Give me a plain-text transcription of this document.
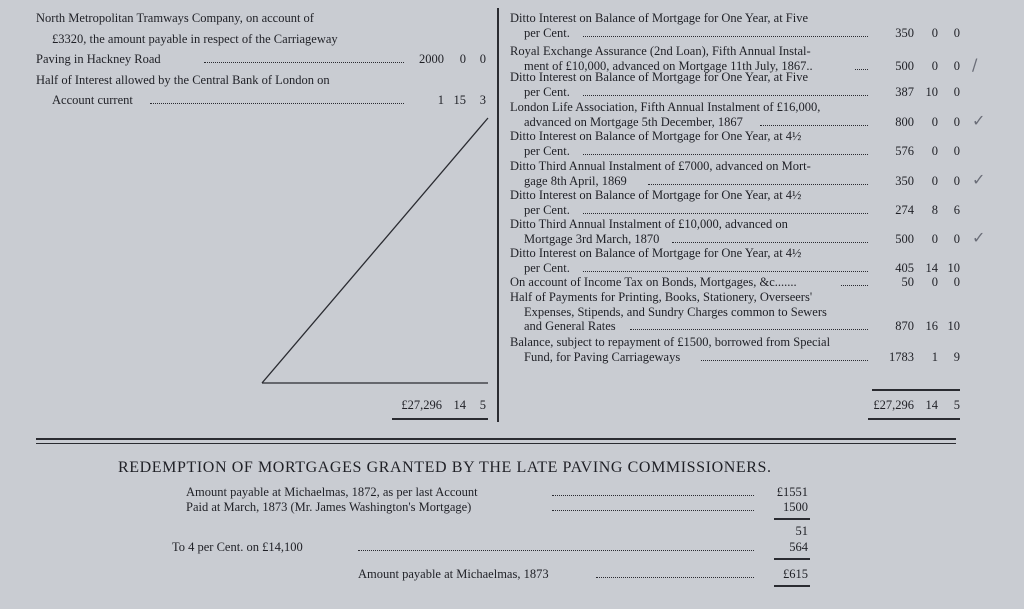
North Metropolitan Tramways Company, on account of
£3320, the amount payable in respect of the Carriageway
Paving in Hackney Road	2000	0	0
Half of Interest allowed by the Central Bank of London on
Account current	1 15	3
£27,296 14	5
Ditto Interest on Balance of Mortgage for One Year, at Five
per Cent.	350	0	0
Royal Exchange Assurance (2nd Loan), Fifth Annual Instal-
ment of £10,000, advanced on Mortgage 11th July, 1867..	500	0	0 /
Ditto Interest on Balance of Mortgage for One Year, at Five
per Cent.	387 10	0
London Life Association, Fifth Annual Instalment of £16,000,
advanced on Mortgage 5th December, 1867	800	0	0 ✓
Ditto Interest on Balance of Mortgage for One Year, at 4½
per Cent.	576	0	0
Ditto Third Annual Instalment of £7000, advanced on Mort-
gage 8th April, 1869	350	0	0 ✓
Ditto Interest on Balance of Mortgage for One Year, at 4½
per Cent.	274	8	6
Ditto Third Annual Instalment of £10,000, advanced on
Mortgage 3rd March, 1870	500	0	0 ✓
Ditto Interest on Balance of Mortgage for One Year, at 4½
per Cent.	405 14 10
On account of Income Tax on Bonds, Mortgages, &c.......	50	0	0
Half of Payments for Printing, Books, Stationery, Overseers'
Expenses, Stipends, and Sundry Charges common to Sewers
and General Rates	870 16 10
Balance, subject to repayment of £1500, borrowed from Special
Fund, for Paving Carriageways	1783	1	9
£27,296 14	5
REDEMPTION OF MORTGAGES GRANTED BY THE LATE PAVING COMMISSIONERS.
Amount payable at Michaelmas, 1872, as per last Account	£1551
Paid at March, 1873 (Mr. James Washington's Mortgage)	1500
51
To 4 per Cent. on £14,100	564
Amount payable at Michaelmas, 1873	£615
